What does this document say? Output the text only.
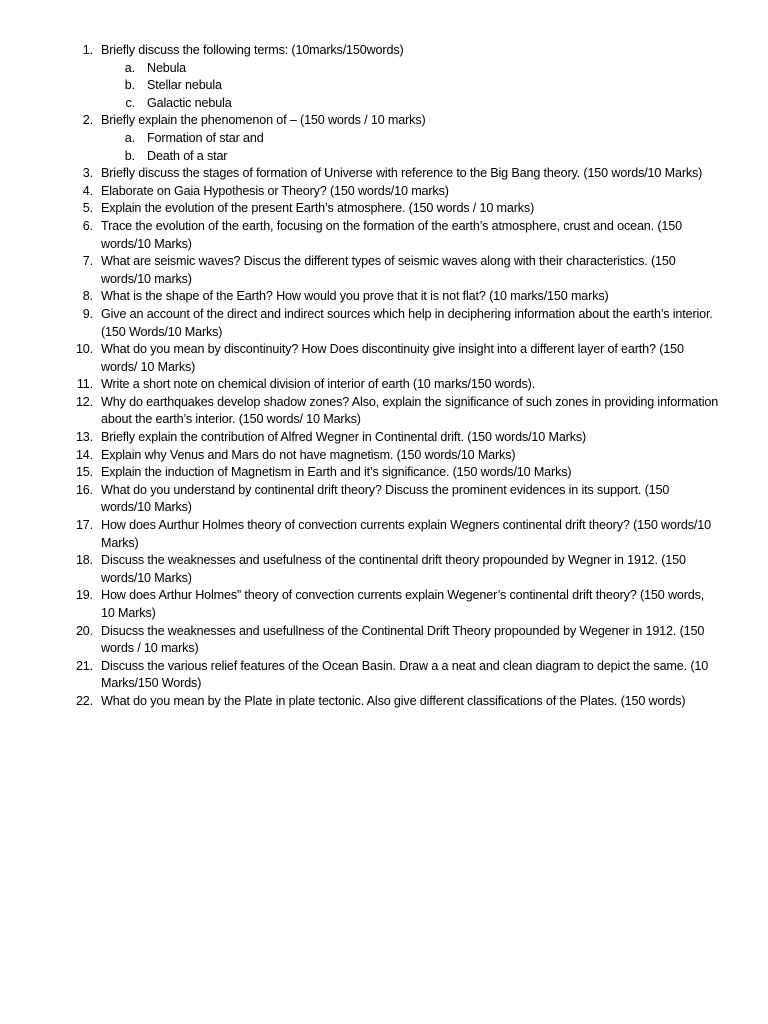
1. Briefly discuss the following terms: (10marks/150words)
a. Nebula
b. Stellar nebula
c. Galactic nebula
2. Briefly explain the phenomenon of – (150 words / 10 marks)
a. Formation of star and
b. Death of a star
3. Briefly discuss the stages of formation of Universe with reference to the Big Bang theory. (150 words/10 Marks)
4. Elaborate on Gaia Hypothesis or Theory? (150 words/10 marks)
5. Explain the evolution of the present Earth’s atmosphere. (150 words / 10 marks)
6. Trace the evolution of the earth, focusing on the formation of the earth’s atmosphere, crust and ocean. (150 words/10 Marks)
7. What are seismic waves? Discus the different types of seismic waves along with their characteristics. (150 words/10 marks)
8. What is the shape of the Earth? How would you prove that it is not flat? (10 marks/150 marks)
9. Give an account of the direct and indirect sources which help in deciphering information about the earth’s interior. (150 Words/10 Marks)
10. What do you mean by discontinuity? How Does discontinuity give insight into a different layer of earth? (150 words/ 10 Marks)
11. Write a short note on chemical division of interior of earth (10 marks/150 words).
12. Why do earthquakes develop shadow zones? Also, explain the significance of such zones in providing information about the earth’s interior. (150 words/ 10 Marks)
13. Briefly explain the contribution of Alfred Wegner in Continental drift. (150 words/10 Marks)
14. Explain why Venus and Mars do not have magnetism. (150 words/10 Marks)
15. Explain the induction of Magnetism in Earth and it’s significance. (150 words/10 Marks)
16. What do you understand by continental drift theory? Discuss the prominent evidences in its support. (150 words/10 Marks)
17. How does Aurthur Holmes theory of convection currents explain Wegners continental drift theory? (150 words/10 Marks)
18. Discuss the weaknesses and usefulness of the continental drift theory propounded by Wegner in 1912. (150 words/10 Marks)
19. How does Arthur Holmes” theory of convection currents explain Wegener’s continental drift theory? (150 words, 10 Marks)
20. Disucss the weaknesses and usefullness of the Continental Drift Theory propounded by Wegener in 1912. (150 words / 10 marks)
21. Discuss the various relief features of the Ocean Basin. Draw a a neat and clean diagram to depict the same. (10 Marks/150 Words)
22. What do you mean by the Plate in plate tectonic. Also give different classifications of the Plates. (150 words)
